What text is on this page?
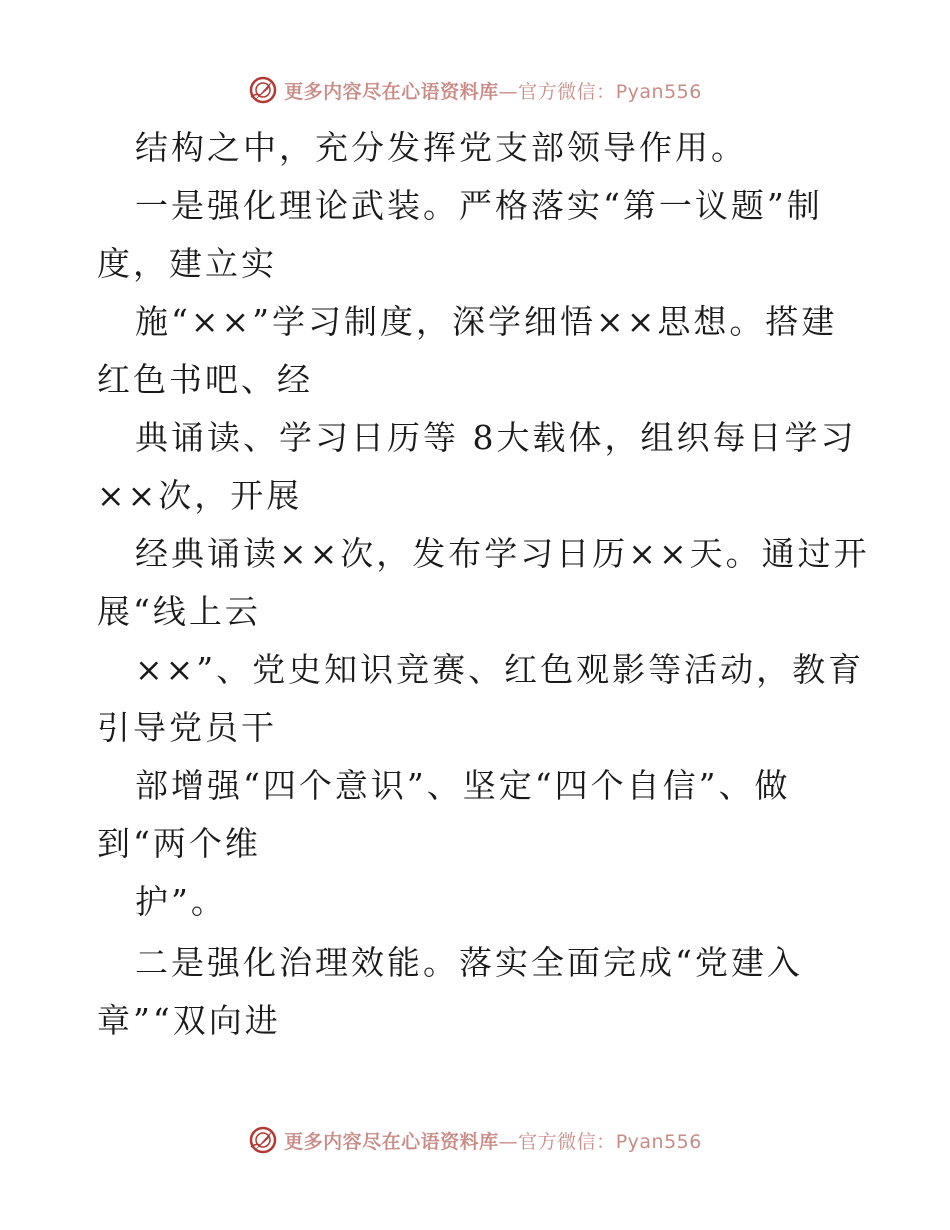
更多内容尽在心语资料库—官方微信：Pyan556
结构之中，充分发挥党支部领导作用。
一是强化理论武装。严格落实“第一议题”制
度，建立实
施“××”学习制度，深学细悟××思想。搭建
红色书吧、经
典诵读、学习日历等 8大载体，组织每日学习
××次，开展
经典诵读××次，发布学习日历××天。通过开
展“线上云
××”、党史知识竞赛、红色观影等活动，教育
引导党员干
部增强“四个意识”、坚定“四个自信”、做
到“两个维
护”。
二是强化治理效能。落实全面完成“党建入
章”“双向进
更多内容尽在心语资料库—官方微信：Pyan556
